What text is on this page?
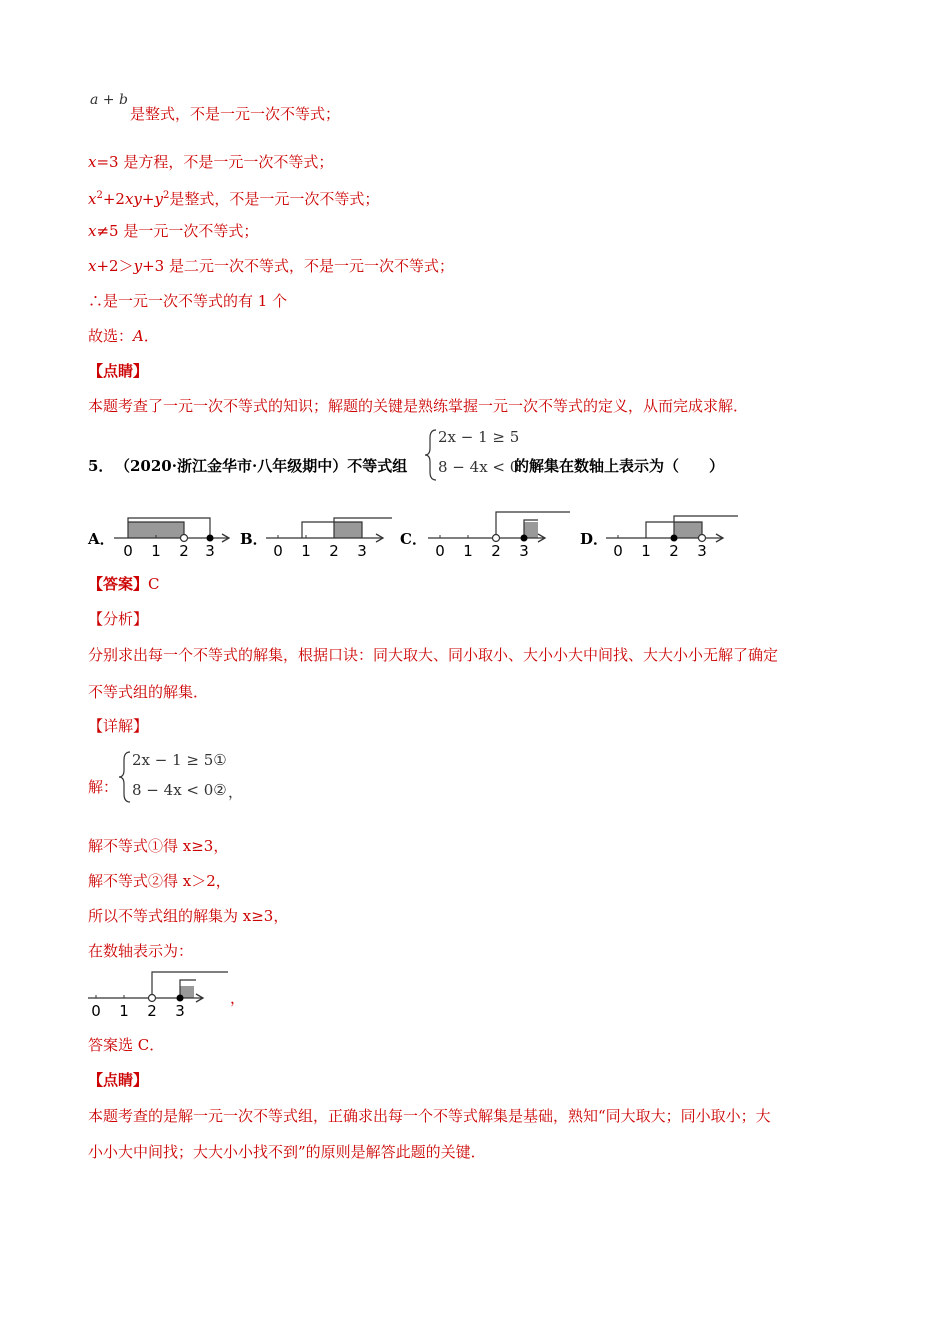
a + b
是整式，不是一元一次不等式；
x=3 是方程，不是一元一次不等式；
$x^2+2xy+y^2$是整式，不是一元一次不等式；
x≠5 是一元一次不等式；
x+2＞y+3 是二元一次不等式，不是一元一次不等式；
∴是一元一次不等式的有 1 个
故选：A．
【点睛】
本题考查了一元一次不等式的知识；解题的关键是熟练掌握一元一次不等式的定义，从而完成求解．
5． （2020·浙江金华市·八年级期中）不等式组
2x − 1 ≥ 5
8 − 4x < 0
的解集在数轴上表示为（　　）
A．
0 1 2 3
B．
0 1 2 3
C．
0 1 2 3
D．
0 1 2 3
【答案】C
【分析】
分别求出每一个不等式的解集，根据口诀：同大取大、同小取小、大小小大中间找、大大小小无解了确定
不等式组的解集．
【详解】
解：
2x − 1 ≥ 5①
8 − 4x < 0② ，
解不等式①得 x≥3，
解不等式②得 x＞2，
所以不等式组的解集为 x≥3，
在数轴表示为：
0 1 2 3
，
答案选 C．
【点睛】
本题考查的是解一元一次不等式组，正确求出每一个不等式解集是基础，熟知“同大取大；同小取小；大
小小大中间找；大大小小找不到”的原则是解答此题的关键．
